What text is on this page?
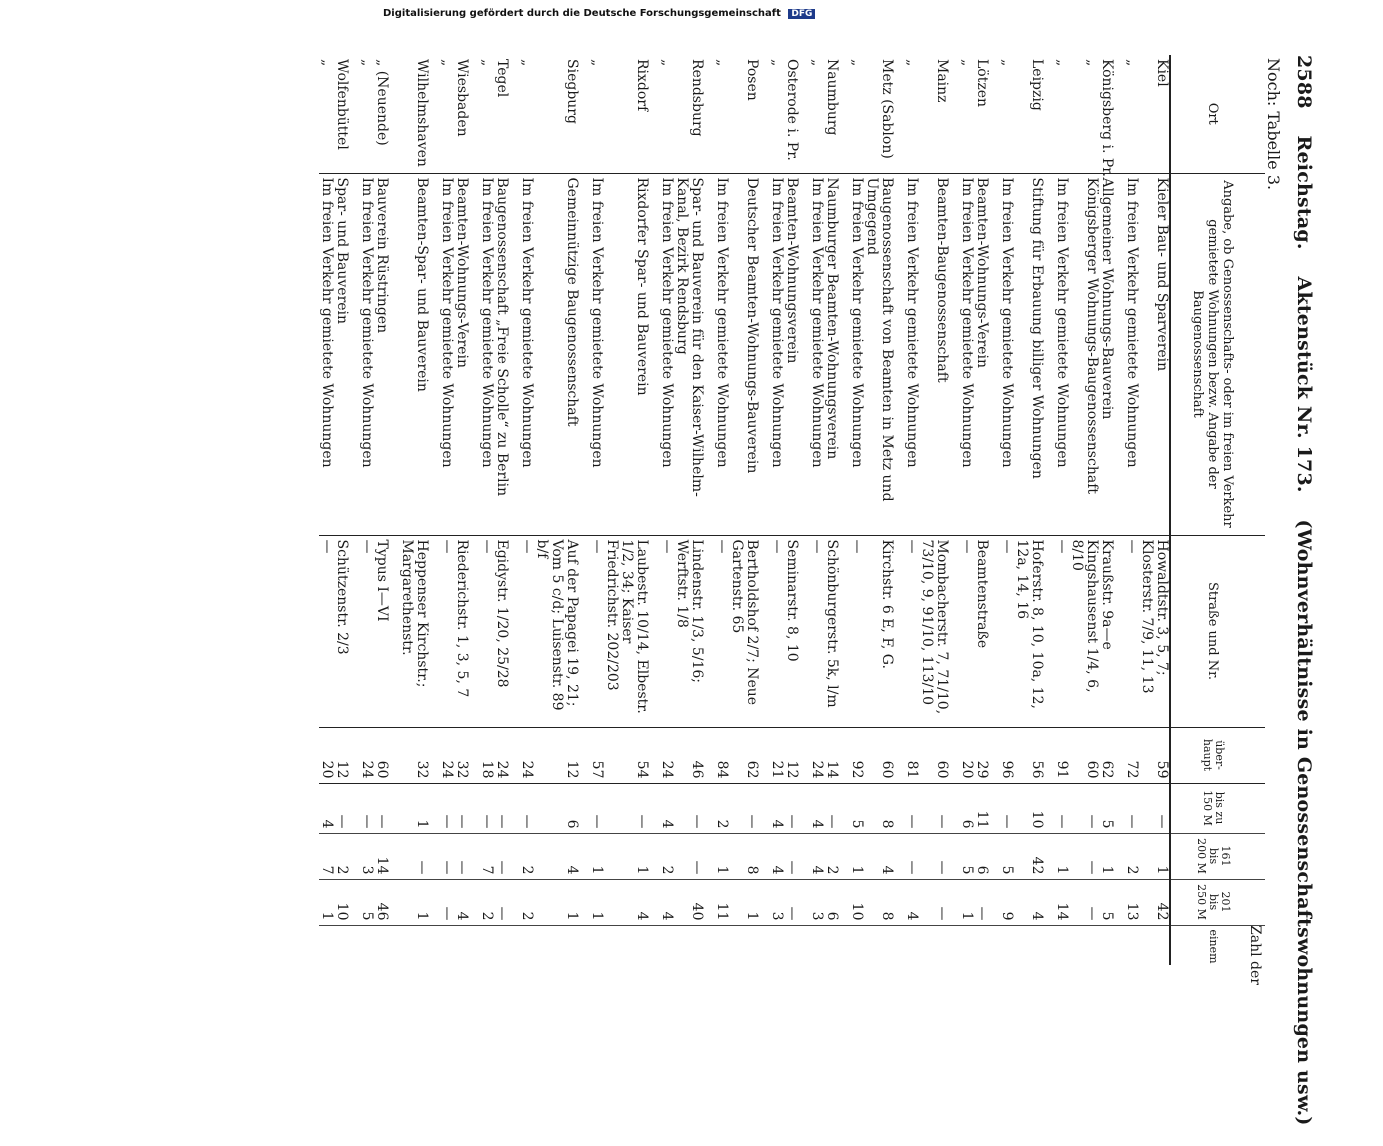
2588 Reichstag. Aktenstück Nr. 173. (Wohnverhältnisse in Genossenschaftswohnungen usw.)
Noch: Tabelle 3.
Zahl der
Ort	Angabe, ob Genossenschafts- oder im freien Verkehr gemietete Wohnungen bezw. Angabe der Baugenossenschaft	Straße und Nr.	über-haupt	bis zu 150 M	161 bis 200 M	201 bis 250 M	einem
Kiel	Kieler Bau- und Sparverein	Howaldtstr. 3, 5, 7; Klosterstr. 7/9, 11, 13	59	—	1	42	
„	Im freien Verkehr gemietete Wohnungen	—	72	—	2	13	
Königsberg i. Pr.	Allgemeiner Wohnungs-Bauverein	Kraußstr. 9a—e	62	5	1	5	
„	Königsberger Wohnungs-Baugenossenschaft	Kingshausenst 1/4, 6, 8/10	60	—	—	—	
„	Im freien Verkehr gemietete Wohnungen	—	91	—	1	14	
Leipzig	Stiftung für Erbauung billiger Wohnungen	Hoferstr. 8, 10, 10a, 12, 12a, 14, 16	56	10	42	4	
„	Im freien Verkehr gemietete Wohnungen	—	96	—	5	9	
Lötzen	Beamten-Wohnungs-Verein	Beamtenstraße	29	11	6	—	
„	Im freien Verkehr gemietete Wohnungen	—	20	6	5	1	
Mainz	Beamten-Baugenossenschaft	Mombacherstr. 7, 71/10, 73/10, 9, 91/10, 113/10	60	—	—	—	
„	Im freien Verkehr gemietete Wohnungen	—	81	—	—	4	
Metz (Sablon)	Baugenossenschaft von Beamten in Metz und Umgegend	Kirchstr. 6 E, F, G.	60	8	4	8	
„	Im freien Verkehr gemietete Wohnungen	—	92	5	1	10	
Naumburg	Naumburger Beamten-Wohnungsverein	Schönburgerstr. 5k, l/m	14	—	2	6	
„	Im freien Verkehr gemietete Wohnungen	—	24	4	4	3	
Osterode i. Pr.	Beamten-Wohnungsverein	Seminarstr. 8, 10	12	—	—	—	
„	Im freien Verkehr gemietete Wohnungen	—	21	4	4	3	
Posen	Deutscher Beamten-Wohnungs-Bauverein	Bertholdshof 2/7; Neue Gartenstr. 65	62	—	8	1	
„	Im freien Verkehr gemietete Wohnungen	—	84	2	1	11	
Rendsburg	Spar- und Bauverein für den Kaiser-Wilhelm-Kanal, Bezirk Rendsburg	Lindenstr. 1/3, 5/16; Werftstr. 1/8	46	—	—	40	
„	Im freien Verkehr gemietete Wohnungen	—	24	4	2	4	
Rixdorf	Rixdorfer Spar- und Bauverein	Laubestr. 10/14, Elbestr. 1/2, 34; Kaiser Friedrichstr. 202/203	54	—	1	4	
„	Im freien Verkehr gemietete Wohnungen	—	57	—	1	1	
Siegburg	Gemeinnützige Baugenossenschaft	Auf der Papagei 19, 21; Vom 5 c/d; Luisenstr. 89 b/f	12	6	4	1	
„	Im freien Verkehr gemietete Wohnungen	—	24	—	2	2	
Tegel	Baugenossenschaft „Freie Scholle“ zu Berlin	Egidystr. 1/20, 25/28	24	—	—	—	
„	Im freien Verkehr gemietete Wohnungen	—	18	—	7	2	
Wiesbaden	Beamten-Wohnungs-Verein	Riederichstr. 1, 3, 5, 7	32	—	—	4	
„	Im freien Verkehr gemietete Wohnungen	—	24	—	—	—	
Wilhelmshaven	Beamten-Spar- und Bauverein	Heppenser Kirchstr.; Margarethenstr.	32	1	—	1	
„ (Neuende)	Bauverein Rüstringen	Typus I—VI	60	—	14	46	
„	Im freien Verkehr gemietete Wohnungen	—	24	—	3	5	
Wolfenbüttel	Spar- und Bauverein	Schützenstr. 2/3	12	—	2	10	
„	Im freien Verkehr gemietete Wohnungen	—	20	4	7	1	
Digitalisierung gefördert durch die Deutsche Forschungsgemeinschaft DFG
